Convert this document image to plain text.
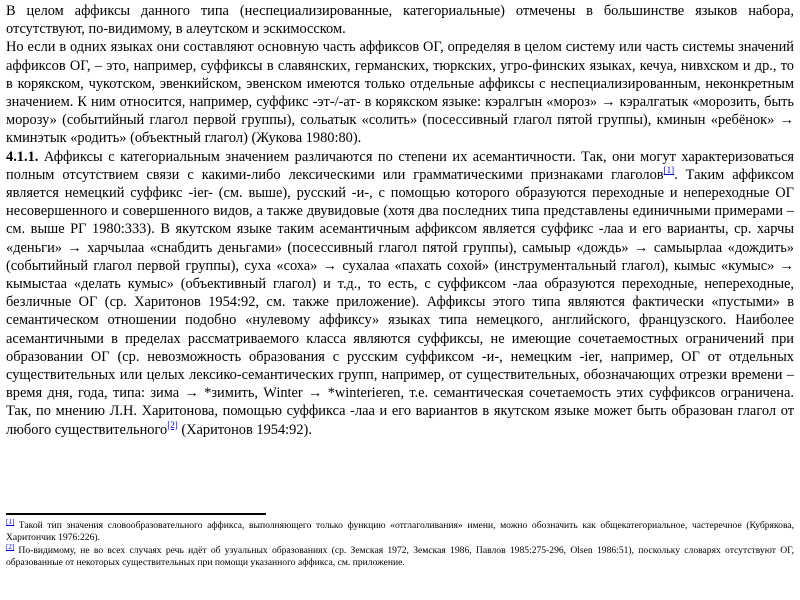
В целом аффиксы данного типа (неспециализированные, категориальные) отмечены в большинстве языков набора, отсутствуют, по-видимому, в алеутском и эскимосском.

Но если в одних языках они составляют основную часть аффиксов ОГ, определяя в целом систему или часть системы значений аффиксов ОГ, – это, например, суффиксы в славянских, германских, тюркских, угро-финских языках, кечуа, нивхском и др., то в корякском, чукотском, эвенкийском, эвенском имеются только отдельные аффиксы с неспециализированным, неконкретным значением. К ним относится, например, суффикс -эт-/-ат- в корякском языке: кэралгын «мороз» → кэралгатык «морозить, быть морозу» (событийный глагол первой группы), сольатык «солить» (посессивный глагол пятой группы), кминын «ребёнок» → кминэтык «родить» (объектный глагол) (Жукова 1980:80).

4.1.1. Аффиксы с категориальным значением различаются по степени их асемантичности. Так, они могут характеризоваться полным отсутствием связи с какими-либо лексическими или грамматическими признаками глаголов[1]. Таким аффиксом является немецкий суффикс -ier- (см. выше), русский -и-, с помощью которого образуются переходные и непереходные ОГ несовершенного и совершенного видов, а также двувидовые (хотя два последних типа представлены единичными примерами – см. выше РГ 1980:333). В якутском языке таким асемантичным аффиксом является суффикс -лаа и его варианты, ср. харчы «деньги» → харчылаа «снабдить деньгами» (посессивный глагол пятой группы), самыыр «дождь» → самыырлаа «дождить» (событийный глагол первой группы), суха «соха» → сухалаа «пахать сохой» (инструментальный глагол), кымыс «кумыс» → кымыстаа «делать кумыс» (объективный глагол) и т.д., то есть, с суффиксом -лаа образуются переходные, непереходные, безличные ОГ (ср. Харитонов 1954:92, см. также приложение). Аффиксы этого типа являются фактически «пустыми» в семантическом отношении подобно «нулевому аффиксу» языках типа немецкого, английского, французского. Наиболее асемантичными в пределах рассматриваемого класса являются суффиксы, не имеющие сочетаемостных ограничений при образовании ОГ (ср. невозможность образования с русским суффиксом -и-, немецким -ier, например, ОГ от отдельных существительных или целых лексико-семантических групп, например, от существительных, обозначающих отрезки времени – время дня, года, типа: зима → *зимить, Winter → *winterieren, т.е. семантическая сочетаемость этих суффиксов ограничена. Так, по мнению Л.Н. Харитонова, помощью суффикса -лаа и его вариантов в якутском языке может быть образован глагол от любого существительного[2] (Харитонов 1954:92).

[1] Такой тип значения словообразовательного аффикса, выполняющего только функцию «отглаголивания» имени, можно обозначить как общекатегориальное, частеречное (Кубрякова, Харитончик 1976:226).

[2] По-видимому, не во всех случаях речь идёт об узуальных образованиях (ср. Земская 1972, Земская 1986, Павлов 1985:275-296, Olsen 1986:51), поскольку словарях отсутствуют ОГ, образованные от некоторых существительных при помощи указанного аффикса, см. приложение.
